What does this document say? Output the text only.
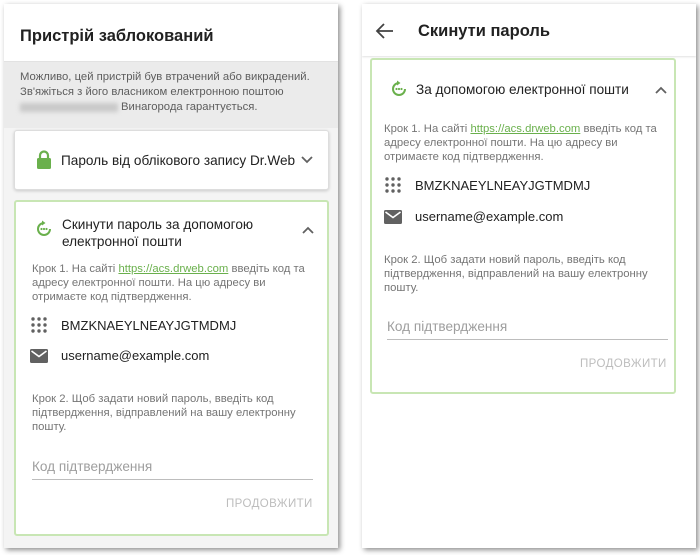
Пристрій заблокований
Можливо, цей пристрій був втрачений або викрадений.
Зв'яжіться з його власником електронною поштою
Винагорода гарантується.
Пароль від облікового запису Dr.Web
Скинути пароль за допомогою електронної пошти
Крок 1. На сайті https://acs.drweb.com введіть код та адресу електронної пошти. На цю адресу ви отримаєте код підтвердження.
BMZKNAEYLNEAYJGTMDMJ
username@example.com
Крок 2. Щоб задати новий пароль, введіть код підтвердження, відправлений на вашу електронну пошту.
Код підтвердження
ПРОДОВЖИТИ
Скинути пароль
За допомогою електронної пошти
Крок 1. На сайті https://acs.drweb.com введіть код та адресу електронної пошти. На цю адресу ви отримаєте код підтвердження.
BMZKNAEYLNEAYJGTMDMJ
username@example.com
Крок 2. Щоб задати новий пароль, введіть код підтвердження, відправлений на вашу електронну пошту.
Код підтвердження
ПРОДОВЖИТИ
